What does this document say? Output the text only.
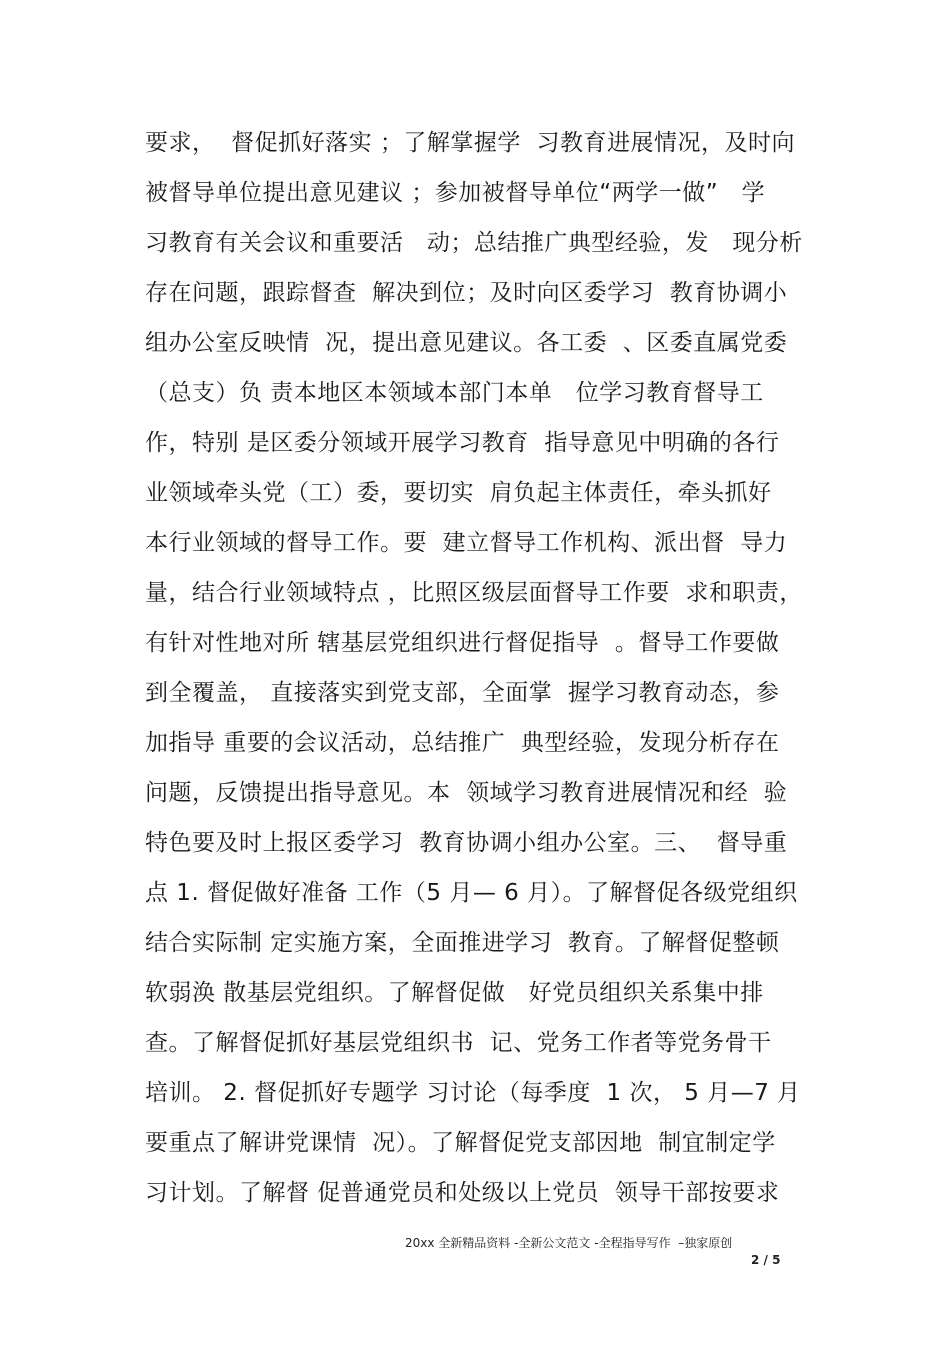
要求，  督促抓好落实 ；了解掌握学  习教育进展情况，及时向
被督导单位提出意见建议 ；参加被督导单位“两学一做”   学
习教育有关会议和重要活   动；总结推广典型经验，发   现分析
存在问题，跟踪督查  解决到位；及时向区委学习  教育协调小
组办公室反映情  况，提出意见建议。各工委  、区委直属党委
（总支）负 责本地区本领域本部门本单   位学习教育督导工
作，特别 是区委分领域开展学习教育  指导意见中明确的各行
业领域牵头党（工）委，要切实  肩负起主体责任，牵头抓好
本行业领域的督导工作。要  建立督导工作机构、派出督  导力
量，结合行业领域特点 ，比照区级层面督导工作要  求和职责，
有针对性地对所 辖基层党组织进行督促指导  。督导工作要做
到全覆盖， 直接落实到党支部，全面掌  握学习教育动态，参
加指导 重要的会议活动，总结推广  典型经验，发现分析存在
问题，反馈提出指导意见。本  领域学习教育进展情况和经  验
特色要及时上报区委学习  教育协调小组办公室。三、  督导重
点 1. 督促做好准备 工作（5 月— 6 月）。了解督促各级党组织
结合实际制 定实施方案，全面推进学习  教育。了解督促整顿
软弱涣 散基层党组织。了解督促做   好党员组织关系集中排
查。了解督促抓好基层党组织书  记、党务工作者等党务骨干
培训。 2. 督促抓好专题学 习讨论（每季度  1 次， 5 月—7 月
要重点了解讲党课情  况）。了解督促党支部因地  制宜制定学
习计划。了解督 促普通党员和处级以上党员  领导干部按要求
20xx 全新精品资料 -全新公文范文 -全程指导写作  –独家原创
2 / 5
